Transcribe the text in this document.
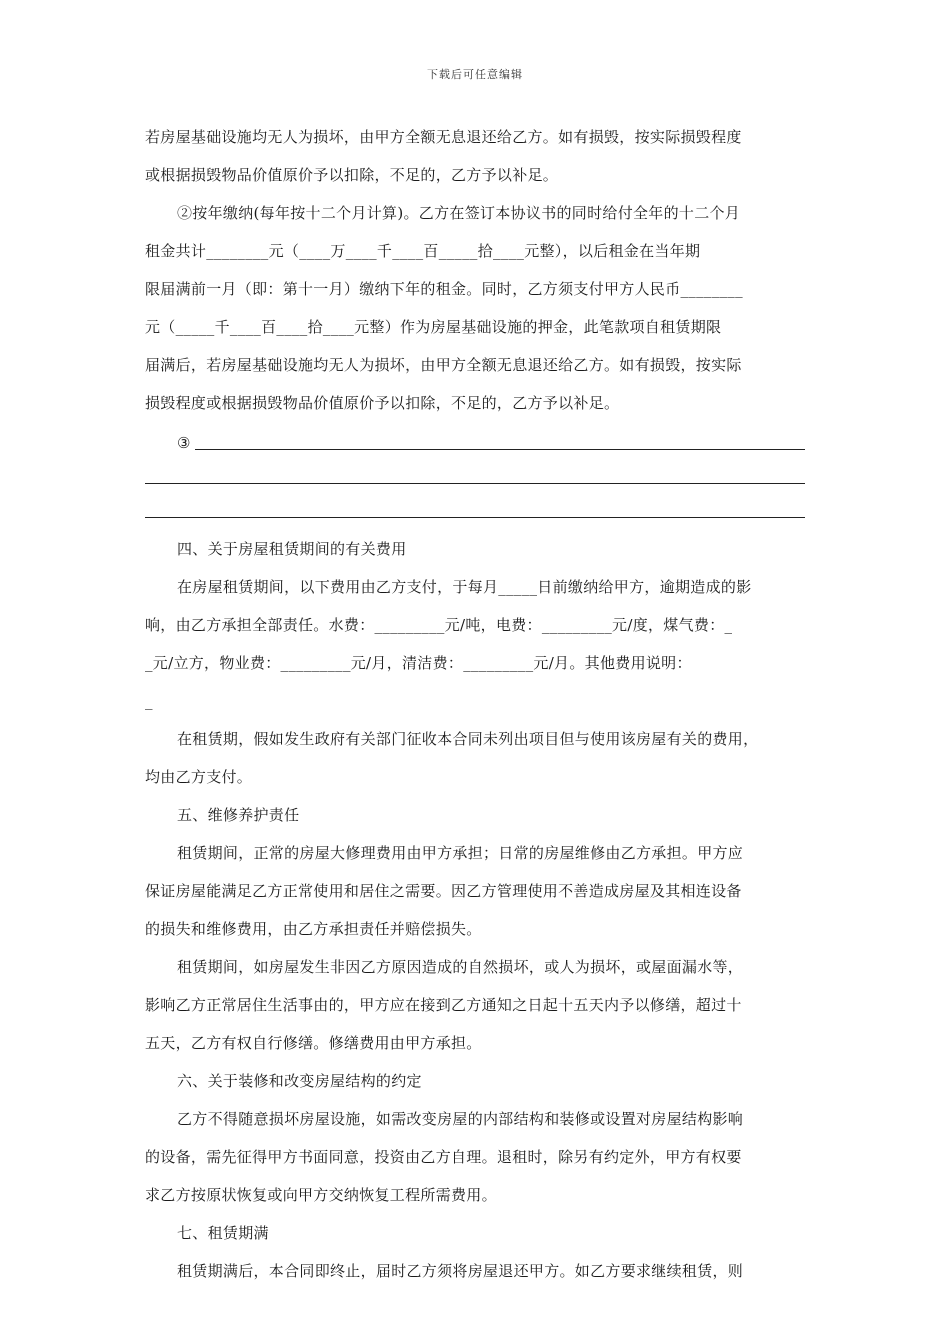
下载后可任意编辑
若房屋基础设施均无人为损坏，由甲方全额无息退还给乙方。如有损毁，按实际损毁程度
或根据损毁物品价值原价予以扣除，不足的，乙方予以补足。
②按年缴纳(每年按十二个月计算)。乙方在签订本协议书的同时给付全年的十二个月
租金共计________元（____万____千____百_____拾____元整），以后租金在当年期
限届满前一月（即：第十一月）缴纳下年的租金。同时，乙方须支付甲方人民币________
元（_____千____百____拾____元整）作为房屋基础设施的押金，此笔款项自租赁期限
届满后，若房屋基础设施均无人为损坏，由甲方全额无息退还给乙方。如有损毁，按实际
损毁程度或根据损毁物品价值原价予以扣除，不足的，乙方予以补足。
③
四、关于房屋租赁期间的有关费用
在房屋租赁期间，以下费用由乙方支付，于每月_____日前缴纳给甲方，逾期造成的影
响，由乙方承担全部责任。水费：_________元/吨，电费：_________元/度，煤气费：_
_元/立方，物业费：_________元/月，清洁费：_________元/月。其他费用说明：
_
在租赁期，假如发生政府有关部门征收本合同未列出项目但与使用该房屋有关的费用，
均由乙方支付。
五、维修养护责任
租赁期间，正常的房屋大修理费用由甲方承担；日常的房屋维修由乙方承担。甲方应
保证房屋能满足乙方正常使用和居住之需要。因乙方管理使用不善造成房屋及其相连设备
的损失和维修费用，由乙方承担责任并赔偿损失。
租赁期间，如房屋发生非因乙方原因造成的自然损坏，或人为损坏，或屋面漏水等，
影响乙方正常居住生活事由的，甲方应在接到乙方通知之日起十五天内予以修缮，超过十
五天，乙方有权自行修缮。修缮费用由甲方承担。
六、关于装修和改变房屋结构的约定
乙方不得随意损坏房屋设施，如需改变房屋的内部结构和装修或设置对房屋结构影响
的设备，需先征得甲方书面同意，投资由乙方自理。退租时，除另有约定外，甲方有权要
求乙方按原状恢复或向甲方交纳恢复工程所需费用。
七、租赁期满
租赁期满后，本合同即终止，届时乙方须将房屋退还甲方。如乙方要求继续租赁，则
